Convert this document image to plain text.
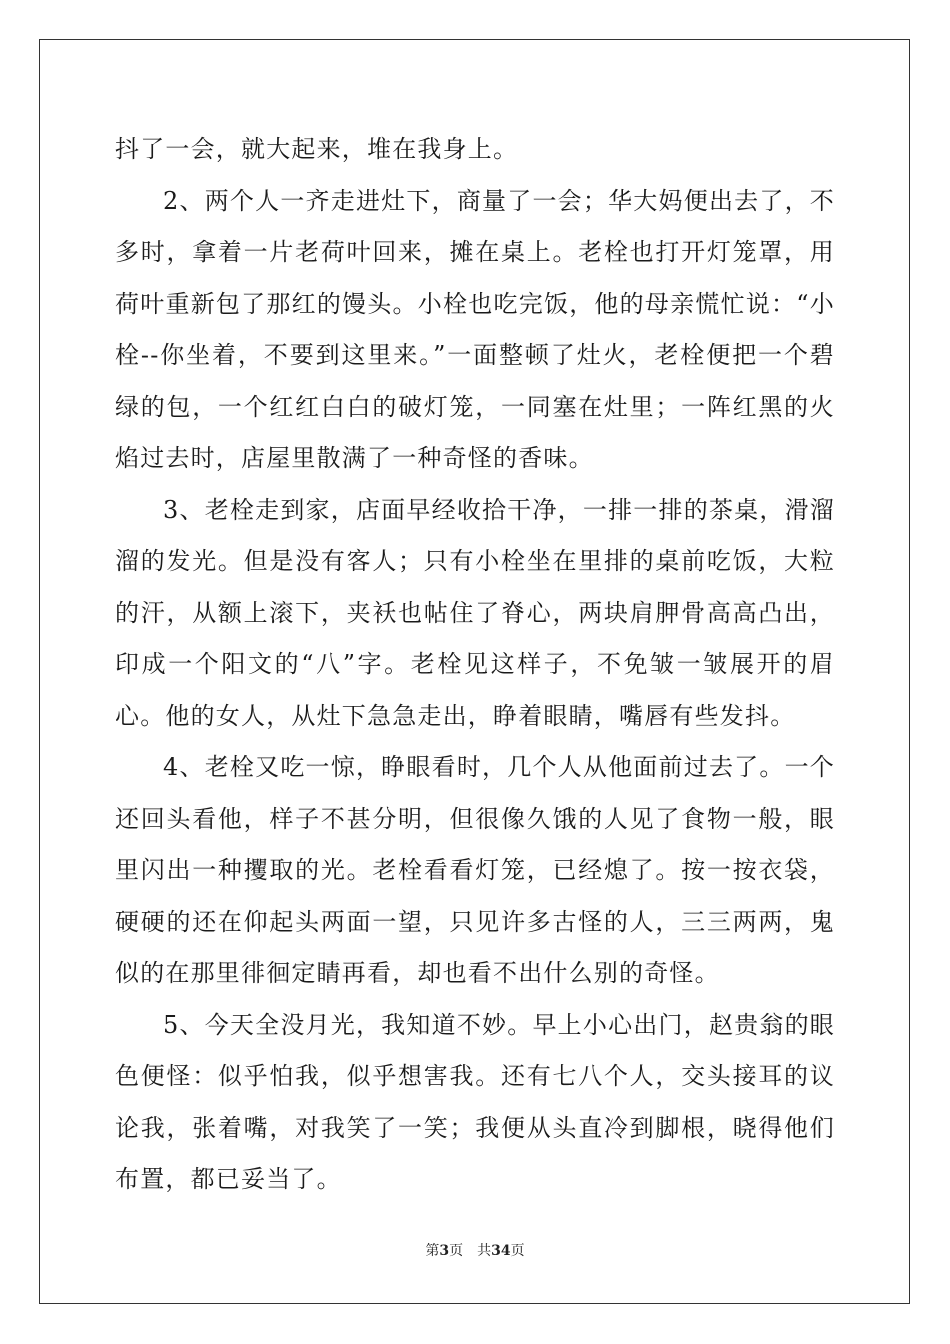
抖了一会，就大起来，堆在我身上。

2、两个人一齐走进灶下，商量了一会；华大妈便出去了，不多时，拿着一片老荷叶回来，摊在桌上。老栓也打开灯笼罩，用荷叶重新包了那红的馒头。小栓也吃完饭，他的母亲慌忙说：“小栓--你坐着，不要到这里来。”一面整顿了灶火，老栓便把一个碧绿的包，一个红红白白的破灯笼，一同塞在灶里；一阵红黑的火焰过去时，店屋里散满了一种奇怪的香味。

3、老栓走到家，店面早经收拾干净，一排一排的茶桌，滑溜溜的发光。但是没有客人；只有小栓坐在里排的桌前吃饭，大粒的汗，从额上滚下，夹袄也帖住了脊心，两块肩胛骨高高凸出，印成一个阳文的“八”字。老栓见这样子，不免皱一皱展开的眉心。他的女人，从灶下急急走出，睁着眼睛，嘴唇有些发抖。

4、老栓又吃一惊，睁眼看时，几个人从他面前过去了。一个还回头看他，样子不甚分明，但很像久饿的人见了食物一般，眼里闪出一种攫取的光。老栓看看灯笼，已经熄了。按一按衣袋，硬硬的还在仰起头两面一望，只见许多古怪的人，三三两两，鬼似的在那里徘徊定睛再看，却也看不出什么别的奇怪。

5、今天全没月光，我知道不妙。早上小心出门，赵贵翁的眼色便怪：似乎怕我，似乎想害我。还有七八个人，交头接耳的议论我，张着嘴，对我笑了一笑；我便从头直冷到脚根，晓得他们布置，都已妥当了。

第3页 共34页
